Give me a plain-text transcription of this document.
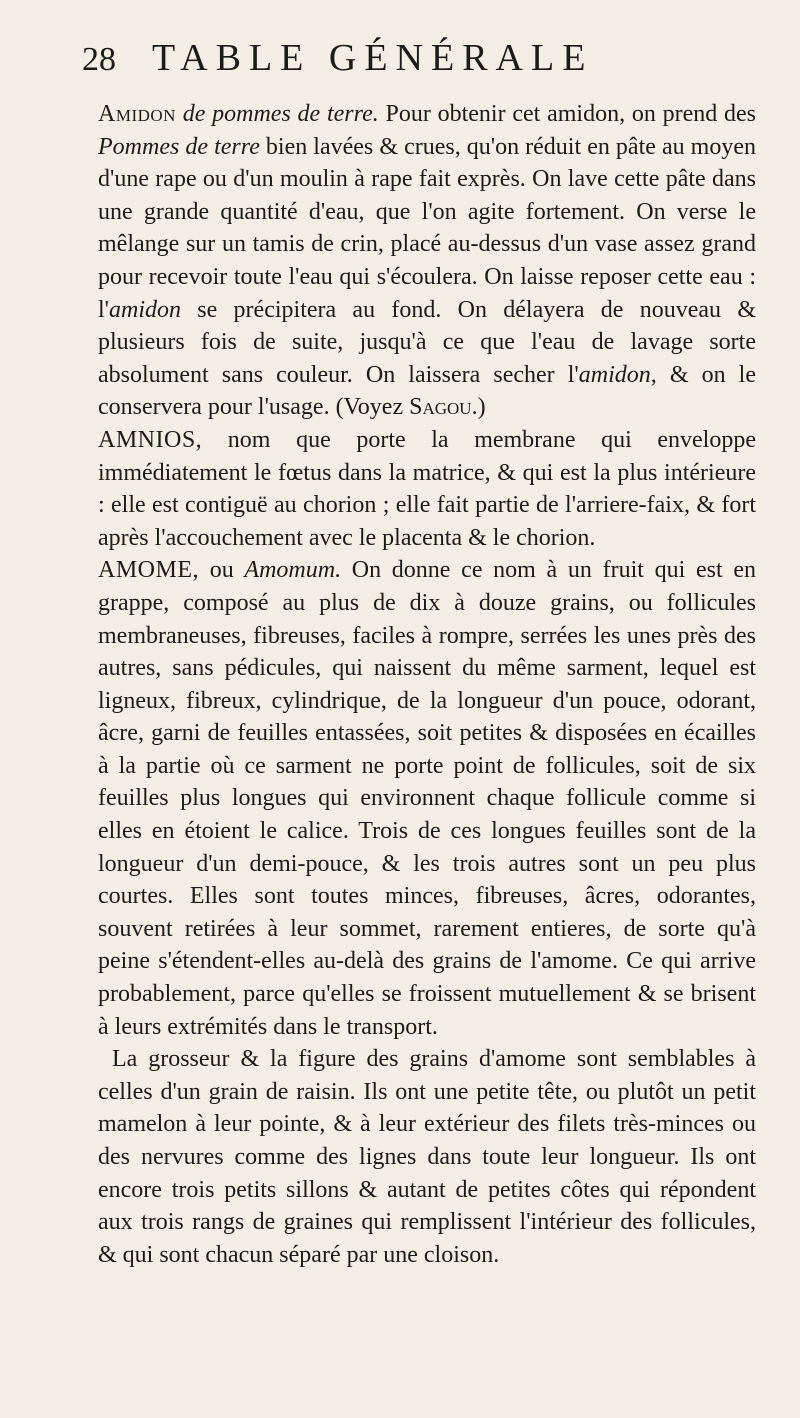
28 TABLE GÉNÉRALE

Amidon de pommes de terre. Pour obtenir cet amidon, on prend des Pommes de terre bien lavées & crues, qu'on réduit en pâte au moyen d'une rape ou d'un moulin à rape fait exprès. On lave cette pâte dans une grande quantité d'eau, que l'on agite fortement. On verse le mêlange sur un tamis de crin, placé au-dessus d'un vase assez grand pour recevoir toute l'eau qui s'écoulera. On laisse reposer cette eau : l'amidon se précipitera au fond. On délayera de nouveau & plusieurs fois de suite, jusqu'à ce que l'eau de lavage sorte absolument sans couleur. On laissera secher l'amidon, & on le conservera pour l'usage. (Voyez Sagou.)

AMNIOS, nom que porte la membrane qui enveloppe immédiatement le fœtus dans la matrice, & qui est la plus intérieure : elle est contiguë au chorion ; elle fait partie de l'arriere-faix, & fort après l'accouchement avec le placenta & le chorion.

AMOME, ou Amomum. On donne ce nom à un fruit qui est en grappe, composé au plus de dix à douze grains, ou follicules membraneuses, fibreuses, faciles à rompre, serrées les unes près des autres, sans pédicules, qui naissent du même sarment, lequel est ligneux, fibreux, cylindrique, de la longueur d'un pouce, odorant, âcre, garni de feuilles entassées, soit petites & disposées en écailles à la partie où ce sarment ne porte point de follicules, soit de six feuilles plus longues qui environnent chaque follicule comme si elles en étoient le calice. Trois de ces longues feuilles sont de la longueur d'un demi-pouce, & les trois autres sont un peu plus courtes. Elles sont toutes minces, fibreuses, âcres, odorantes, souvent retirées à leur sommet, rarement entieres, de sorte qu'à peine s'étendent-elles au-delà des grains de l'amome. Ce qui arrive probablement, parce qu'elles se froissent mutuellement & se brisent à leurs extrémités dans le transport.

La grosseur & la figure des grains d'amome sont semblables à celles d'un grain de raisin. Ils ont une petite tête, ou plutôt un petit mamelon à leur pointe, & à leur extérieur des filets très-minces ou des nervures comme des lignes dans toute leur longueur. Ils ont encore trois petits sillons & autant de petites côtes qui répondent aux trois rangs de graines qui remplissent l'intérieur des follicules, & qui sont chacun séparé par une cloison.
